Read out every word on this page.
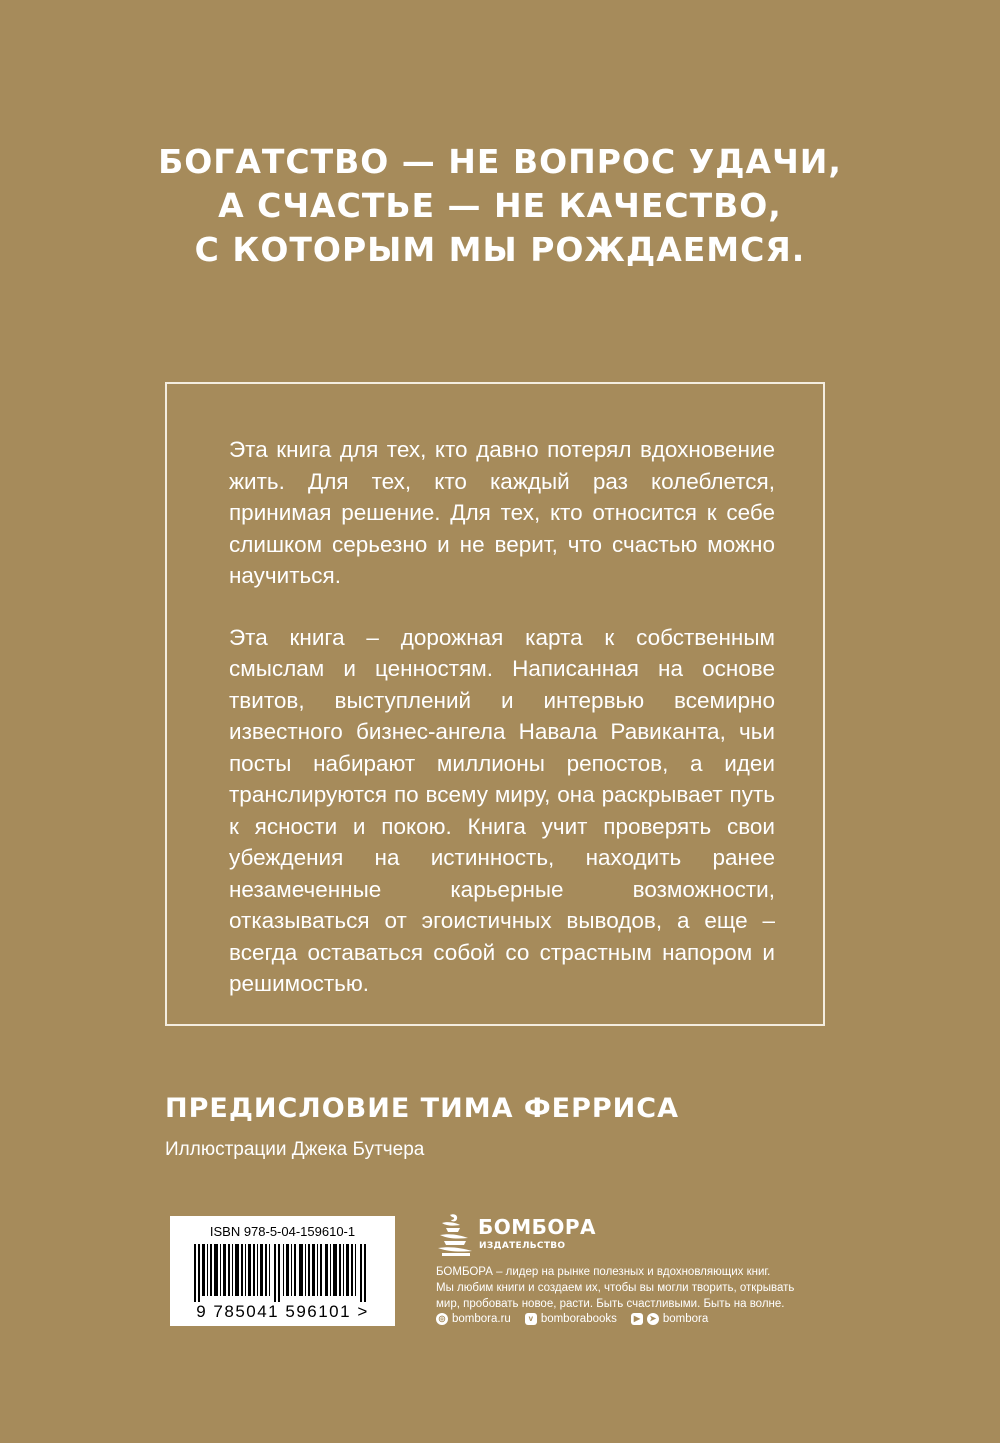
БОГАТСТВО — НЕ ВОПРОС УДАЧИ,
А СЧАСТЬЕ — НЕ КАЧЕСТВО,
С КОТОРЫМ МЫ РОЖДАЕМСЯ.

Эта книга для тех, кто давно потерял вдохновение жить. Для тех, кто каждый раз колеблется, принимая решение. Для тех, кто относится к себе слишком серьезно и не верит, что счастью можно научиться.

Эта книга – дорожная карта к собственным смыслам и ценностям. Написанная на основе твитов, выступлений и интервью всемирно известного бизнес-ангела Навала Равиканта, чьи посты набирают миллионы репостов, а идеи транслируются по всему миру, она раскрывает путь к ясности и покою. Книга учит проверять свои убеждения на истинность, находить ранее незамеченные карьерные возможности, отказываться от эгоистичных выводов, а еще – всегда оставаться собой со страстным напором и решимостью.

ПРЕДИСЛОВИЕ ТИМА ФЕРРИСА
Иллюстрации Джека Бутчера
ISBN 978-5-04-159610-1
9 785041 596101 >
БОМБОРА
ИЗДАТЕЛЬСТВО
БОМБОРА – лидер на рынке полезных и вдохновляющих книг.
Мы любим книги и создаем их, чтобы вы могли творить, открывать
мир, пробовать новое, расти. Быть счастливыми. Быть на волне.
◎ bombora.ru	v bomborabooks	▶	➤ bombora
